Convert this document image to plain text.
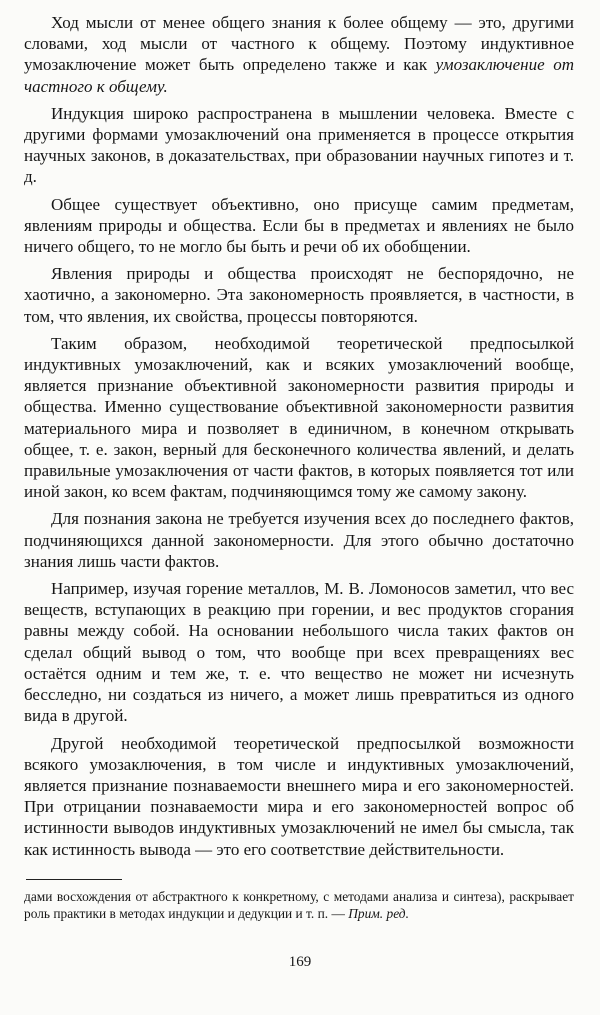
Ход мысли от менее общего знания к более общему — это, другими словами, ход мысли от частного к общему. Поэтому индуктивное умозаключение может быть определено также и как умозаключение от частного к общему.

Индукция широко распространена в мышлении человека. Вместе с другими формами умозаключений она применяется в процессе открытия научных законов, в доказательствах, при образовании научных гипотез и т. д.

Общее существует объективно, оно присуще самим предметам, явлениям природы и общества. Если бы в предметах и явлениях не было ничего общего, то не могло бы быть и речи об их обобщении.

Явления природы и общества происходят не беспорядочно, не хаотично, а закономерно. Эта закономерность проявляется, в частности, в том, что явления, их свойства, процессы повторяются.

Таким образом, необходимой теоретической предпосылкой индуктивных умозаключений, как и всяких умозаключений вообще, является признание объективной закономерности развития природы и общества. Именно существование объективной закономерности развития материального мира и позволяет в единичном, в конечном открывать общее, т. е. закон, верный для бесконечного количества явлений, и делать правильные умозаключения от части фактов, в которых появляется тот или иной закон, ко всем фактам, подчиняющимся тому же самому закону.

Для познания закона не требуется изучения всех до последнего фактов, подчиняющихся данной закономерности. Для этого обычно достаточно знания лишь части фактов.

Например, изучая горение металлов, М. В. Ломоносов заметил, что вес веществ, вступающих в реакцию при горении, и вес продуктов сгорания равны между собой. На основании небольшого числа таких фактов он сделал общий вывод о том, что вообще при всех превращениях вес остаётся одним и тем же, т. е. что вещество не может ни исчезнуть бесследно, ни создаться из ничего, а может лишь превратиться из одного вида в другой.

Другой необходимой теоретической предпосылкой возможности всякого умозаключения, в том числе и индуктивных умозаключений, является признание познаваемости внешнего мира и его закономерностей. При отрицании познаваемости мира и его закономерностей вопрос об истинности выводов индуктивных умозаключений не имел бы смысла, так как истинность вывода — это его соответствие действительности.

дами восхождения от абстрактного к конкретному, с методами анализа и синтеза), раскрывает роль практики в методах индукции и дедукции и т. п. — Прим. ред.

169
